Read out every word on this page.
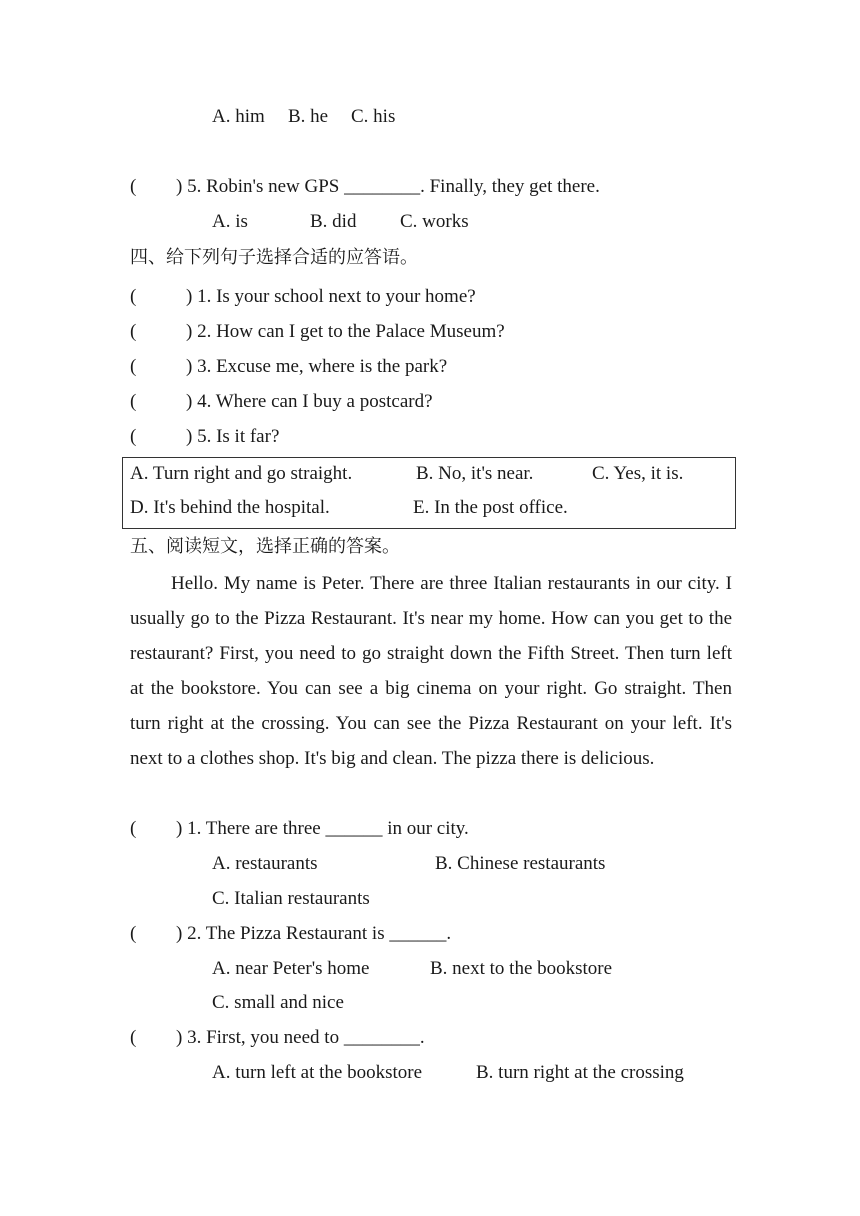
A. him B. he C. his
( ) 5. Robin's new GPS ________. Finally, they get there.
A. is	B. did C. works
四、给下列句子选择合适的应答语。
(	) 1. Is your school next to your home?
(	) 2. How can I get to the Palace Museum?
(	) 3. Excuse me, where is the park?
(	) 4. Where can I buy a postcard?
(	) 5. Is it far?
A. Turn right and go straight.	B. No, it's near.	C. Yes, it is.
D. It's behind the hospital.	E. In the post office.
五、阅读短文，选择正确的答案。
Hello. My name is Peter. There are three Italian restaurants in our city. I usually go to the Pizza Restaurant. It's near my home. How can you get to the restaurant? First, you need to go straight down the Fifth Street. Then turn left at the bookstore. You can see a big cinema on your right. Go straight. Then turn right at the crossing. You can see the Pizza Restaurant on your left. It's next to a clothes shop. It's big and clean. The pizza there is delicious.
( ) 1. There are three ______ in our city.
A. restaurants	B. Chinese restaurants
C. Italian restaurants
( ) 2. The Pizza Restaurant is ______.
A. near Peter's home	B. next to the bookstore
C. small and nice
( ) 3. First, you need to ________.
A. turn left at the bookstore	B. turn right at the crossing
